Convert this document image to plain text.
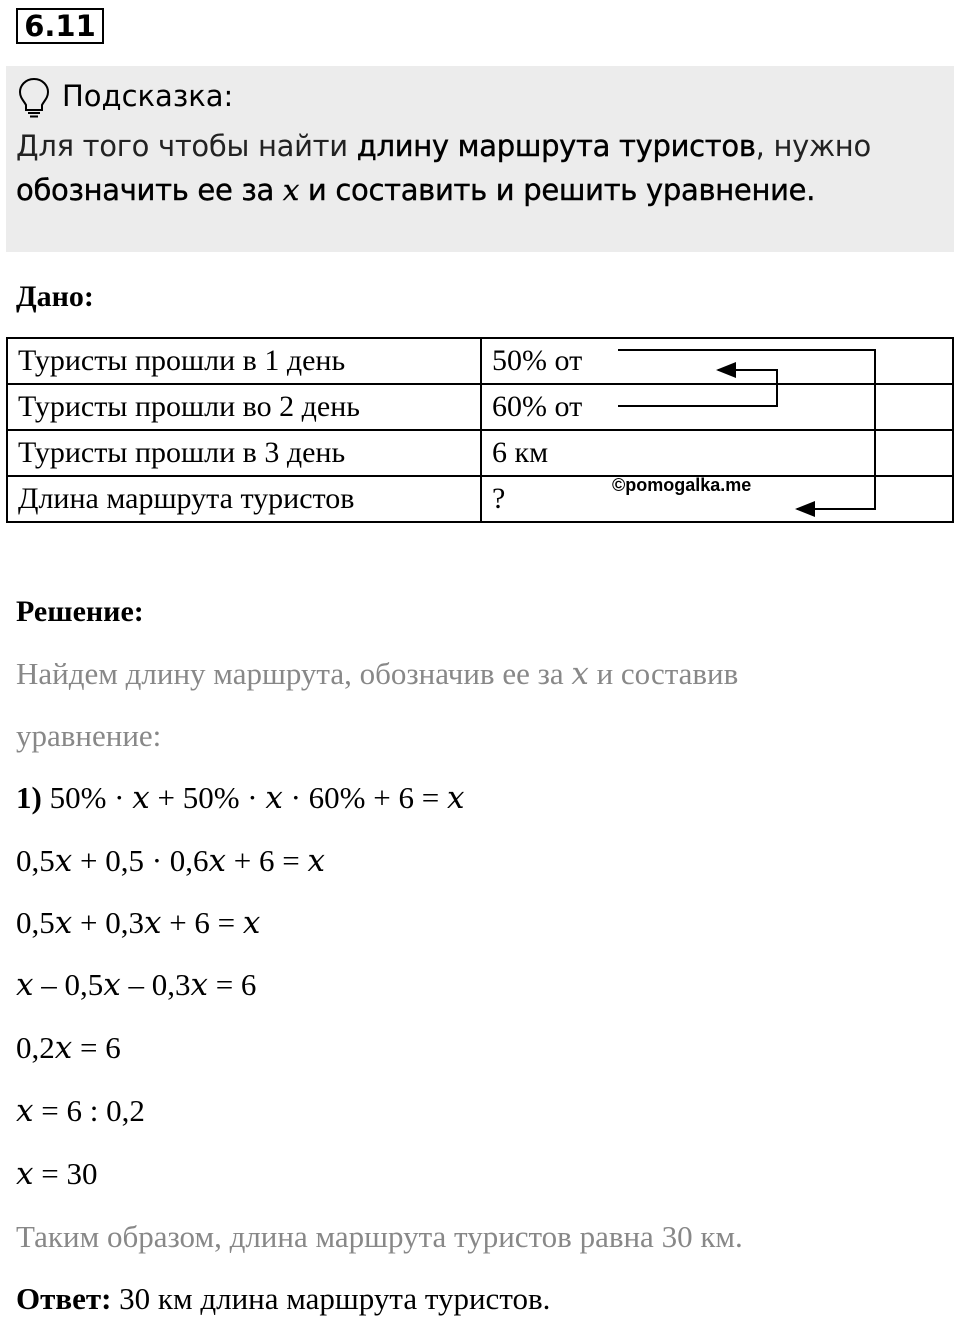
6.11
Подсказка:
Для того чтобы найти длину маршрута туристов, нужно
обозначить ее за x и составить и решить уравнение.
Дано:
Туристы прошли в 1 день	50% от
Туристы прошли во 2 день	60% от
Туристы прошли в 3 день	6 км
Длина маршрута туристов	?	©pomogalka.me
Решение:
Найдем длину маршрута, обозначив ее за x и составив
уравнение:
1) 50% · x + 50% · x · 60% + 6 = x
0,5x + 0,5 · 0,6x + 6 = x
0,5x + 0,3x + 6 = x
x – 0,5x – 0,3x = 6
0,2x = 6
x = 6 : 0,2
x = 30
Таким образом, длина маршрута туристов равна 30 км.
Ответ: 30 км длина маршрута туристов.
